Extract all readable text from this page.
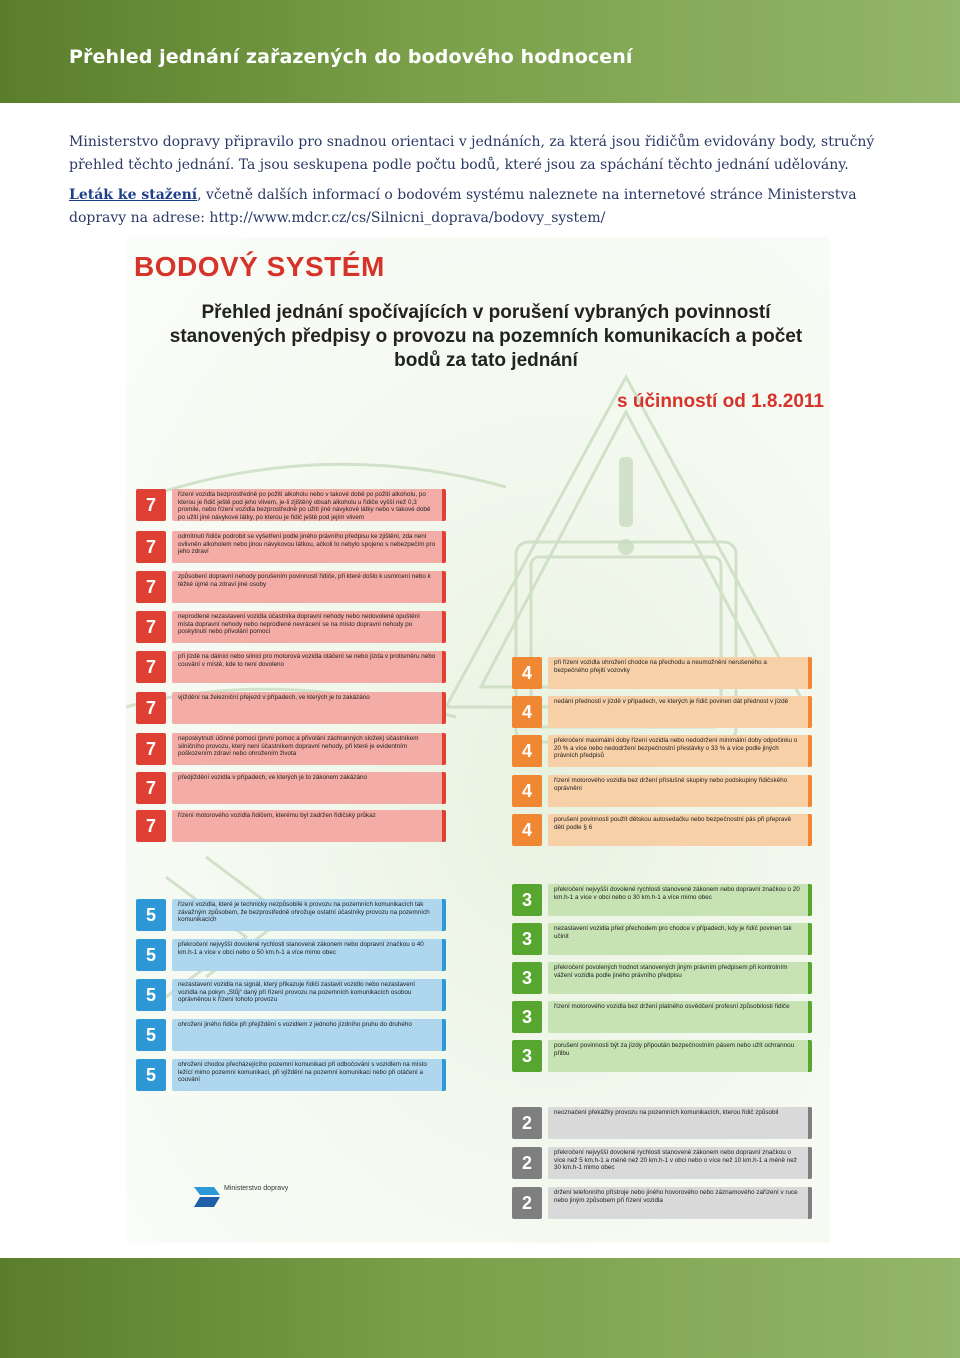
Přehled jednání zařazených do bodového hodnocení

Ministerstvo dopravy připravilo pro snadnou orientaci v jednáních, za která jsou řidičům evidovány body, stručný přehled těchto jednání. Ta jsou seskupena podle počtu bodů, které jsou za spáchání těchto jednání udělovány.

Leták ke stažení, včetně dalších informací o bodovém systému naleznete na internetové stránce Ministerstva dopravy na adrese: http://www.mdcr.cz/cs/Silnicni_doprava/bodovy_system/

BODOVÝ SYSTÉM
Přehled jednání spočívajících v porušení vybraných povinností stanovených předpisy o provozu na pozemních komunikacích a počet bodů za tato jednání
s účinností od 1.8.2011
7	řízení vozidla bezprostředně po požití alkoholu nebo v takové době po požití alkoholu, po kterou je řidič ještě pod jeho vlivem, je-li zjištěný obsah alkoholu u řidiče vyšší než 0,3 promile, nebo řízení vozidla bezprostředně po užití jiné návykové látky nebo v takové době po užití jiné návykové látky, po kterou je řidič ještě pod jejím vlivem
7	odmítnutí řidiče podrobit se vyšetření podle jiného právního předpisu ke zjištění, zda není ovlivněn alkoholem nebo jinou návykovou látkou, ačkoli to nebylo spojeno s nebezpečím pro jeho zdraví
7	způsobení dopravní nehody porušením povinností řidiče, při které došlo k usmrcení nebo k těžké újmě na zdraví jiné osoby
7	neprodlené nezastavení vozidla účastníka dopravní nehody nebo nedovolené opuštění místa dopravní nehody nebo neprodlené nevrácení se na místo dopravní nehody po poskytnutí nebo přivolání pomoci
7	při jízdě na dálnici nebo silnici pro motorová vozidla otáčení se nebo jízda v protisměru nebo couvání v místě, kde to není dovoleno
7	vjíždění na železniční přejezd v případech, ve kterých je to zakázáno
7	neposkytnutí účinné pomoci (první pomoc a přivolání záchranných složek) účastníkem silničního provozu, který není účastníkem dopravní nehody, při které je evidentním poškozením zdraví nebo ohrožením života
7	předjíždění vozidla v případech, ve kterých je to zákonem zakázáno
7	řízení motorového vozidla řidičem, kterému byl zadržen řidičský průkaz
4	při řízení vozidla ohrožení chodce na přechodu a neumožnění nerušeného a bezpečného přejití vozovky
4	nedání přednosti v jízdě v případech, ve kterých je řidič povinen dát přednost v jízdě
4	překročení maximální doby řízení vozidla nebo nedodržení minimální doby odpočinku o 20 % a více nebo nedodržení bezpečnostní přestávky o 33 % a více podle jiných právních předpisů
4	řízení motorového vozidla bez držení příslušné skupiny nebo podskupiny řidičského oprávnění
4	porušení povinnosti použít dětskou autosedačku nebo bezpečnostní pás při přepravě dětí podle § 6
5	řízení vozidla, které je technicky nezpůsobilé k provozu na pozemních komunikacích tak závažným způsobem, že bezprostředně ohrožuje ostatní účastníky provozu na pozemních komunikacích
5	překročení nejvyšší dovolené rychlosti stanovené zákonem nebo dopravní značkou o 40 km.h-1 a více v obci nebo o 50 km.h-1 a více mimo obec
5	nezastavení vozidla na signál, který přikazuje řidiči zastavit vozidlo nebo nezastavení vozidla na pokyn „Stůj“ daný při řízení provozu na pozemních komunikacích osobou oprávněnou k řízení tohoto provozu
5	ohrožení jiného řidiče při přejíždění s vozidlem z jednoho jízdního pruhu do druhého
5	ohrožení chodce přecházejícího pozemní komunikaci při odbočování s vozidlem na místo ležící mimo pozemní komunikaci, při vjíždění na pozemní komunikaci nebo při otáčení a couvání
3	překročení nejvyšší dovolené rychlosti stanovené zákonem nebo dopravní značkou o 20 km.h-1 a více v obci nebo o 30 km.h-1 a více mimo obec
3	nezastavení vozidla před přechodem pro chodce v případech, kdy je řidič povinen tak učinit
3	překročení povolených hodnot stanovených jiným právním předpisem při kontrolním vážení vozidla podle jiného právního předpisu
3	řízení motorového vozidla bez držení platného osvědčení profesní způsobilosti řidiče
3	porušení povinnosti být za jízdy připoután bezpečnostním pásem nebo užít ochrannou přilbu
2	neoznačení překážky provozu na pozemních komunikacích, kterou řidič způsobil
2	překročení nejvyšší dovolené rychlosti stanovené zákonem nebo dopravní značkou o více než 5 km.h-1 a méně než 20 km.h-1 v obci nebo o více než 10 km.h-1 a méně než 30 km.h-1 mimo obec
2	držení telefonního přístroje nebo jiného hovorového nebo záznamového zařízení v ruce nebo jiným způsobem při řízení vozidla
Ministerstvo dopravy
